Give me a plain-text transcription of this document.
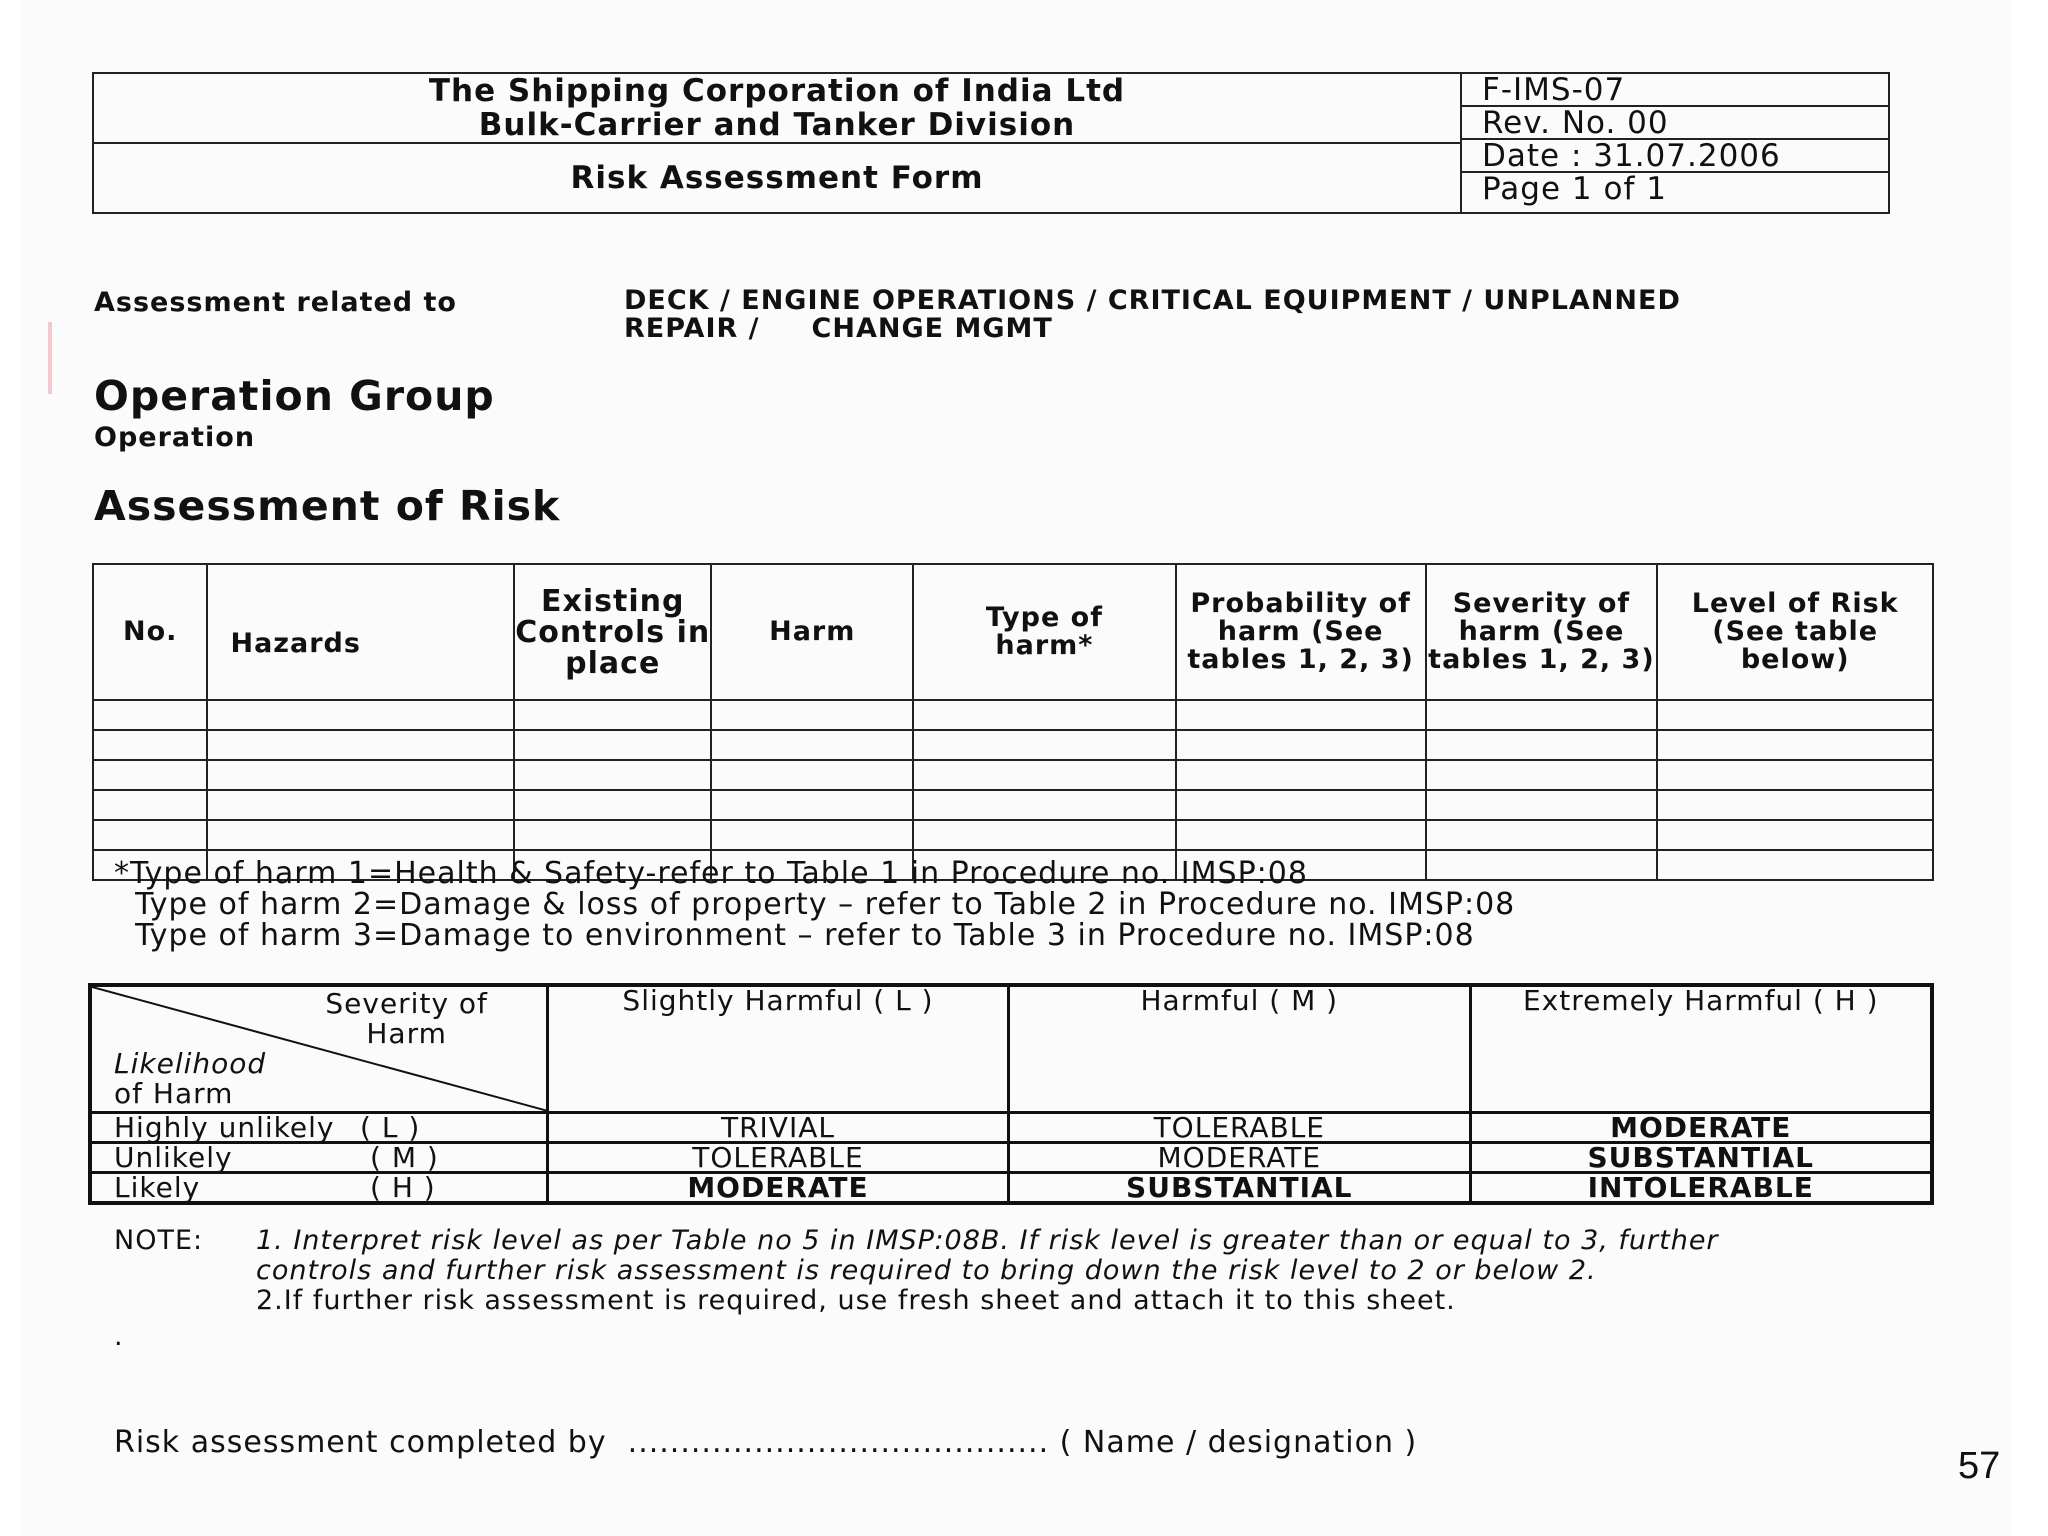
The Shipping Corporation of India Ltd
Bulk-Carrier and Tanker Division
Risk Assessment Form
F-IMS-07
Rev. No. 00
Date : 31.07.2006
Page 1 of 1
Assessment related to	DECK / ENGINE OPERATIONS / CRITICAL EQUIPMENT / UNPLANNED
REPAIR /     CHANGE MGMT
Operation Group
Operation
Assessment of Risk
No.	Hazards	Existing Controls in place	Harm	Type of harm*	Probability of harm (See tables 1, 2, 3)	Severity of harm (See tables 1, 2, 3)	Level of Risk (See table below)

*Type of harm 1=Health & Safety-refer to Table 1 in Procedure no. IMSP:08
Type of harm 2=Damage & loss of property – refer to Table 2 in Procedure no. IMSP:08
Type of harm 3=Damage to environment – refer to Table 3 in Procedure no. IMSP:08
Severity of
Harm
Likelihood
of Harm	Slightly Harmful ( L )	Harmful ( M )	Extremely Harmful ( H )
Highly unlikely ( L )	TRIVIAL	TOLERABLE	MODERATE
Unlikely ( M )	TOLERABLE	MODERATE	SUBSTANTIAL
Likely ( H )	MODERATE	SUBSTANTIAL	INTOLERABLE
NOTE: 1. Interpret risk level as per Table no 5 in IMSP:08B. If risk level is greater than or equal to 3, further
controls and further risk assessment is required to bring down the risk level to 2 or below 2.
2.If further risk assessment is required, use fresh sheet and attach it to this sheet.
.
Risk assessment completed by ........................................ ( Name / designation )
57
